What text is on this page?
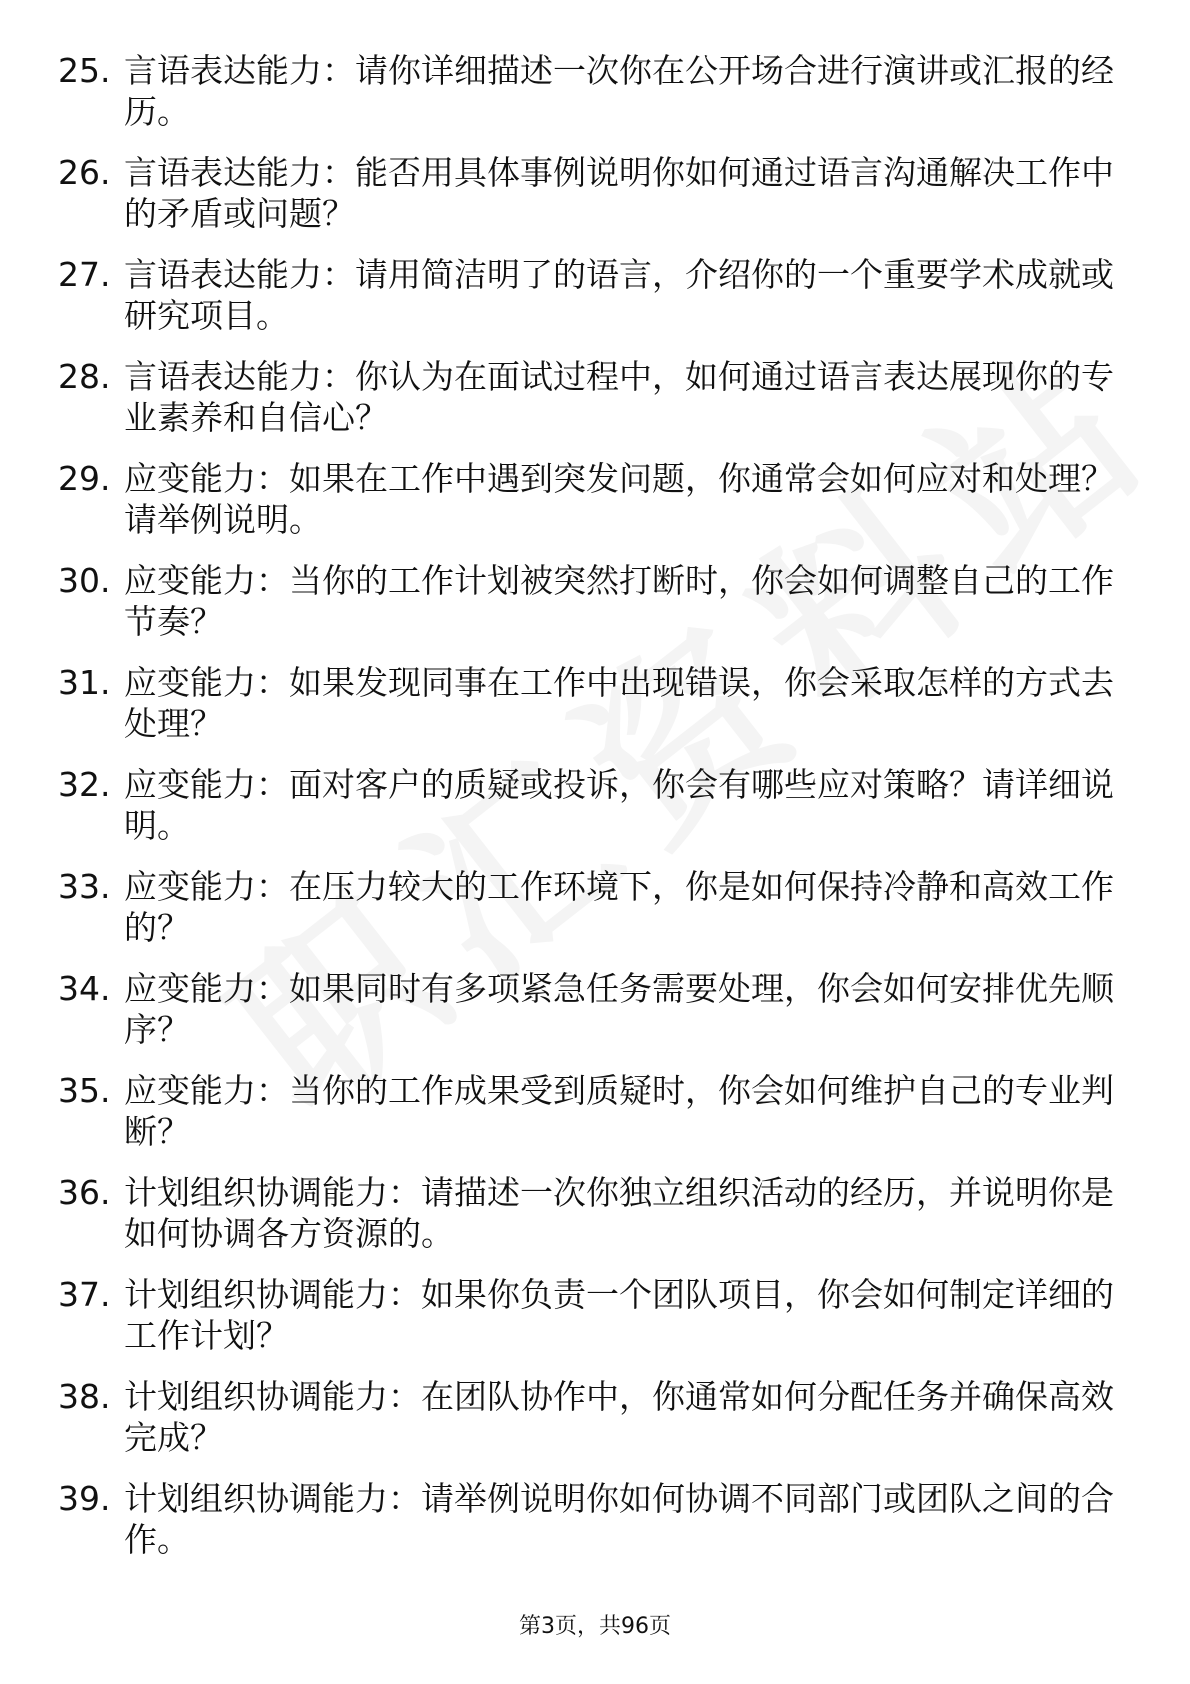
25. 言语表达能力：请你详细描述一次你在公开场合进行演讲或汇报的经历。
26. 言语表达能力：能否用具体事例说明你如何通过语言沟通解决工作中的矛盾或问题？
27. 言语表达能力：请用简洁明了的语言，介绍你的一个重要学术成就或研究项目。
28. 言语表达能力：你认为在面试过程中，如何通过语言表达展现你的专业素养和自信心？
29. 应变能力：如果在工作中遇到突发问题，你通常会如何应对和处理？请举例说明。
30. 应变能力：当你的工作计划被突然打断时，你会如何调整自己的工作节奏？
31. 应变能力：如果发现同事在工作中出现错误，你会采取怎样的方式去处理？
32. 应变能力：面对客户的质疑或投诉，你会有哪些应对策略？请详细说明。
33. 应变能力：在压力较大的工作环境下，你是如何保持冷静和高效工作的？
34. 应变能力：如果同时有多项紧急任务需要处理，你会如何安排优先顺序？
35. 应变能力：当你的工作成果受到质疑时，你会如何维护自己的专业判断？
36. 计划组织协调能力：请描述一次你独立组织活动的经历，并说明你是如何协调各方资源的。
37. 计划组织协调能力：如果你负责一个团队项目，你会如何制定详细的工作计划？
38. 计划组织协调能力：在团队协作中，你通常如何分配任务并确保高效完成？
39. 计划组织协调能力：请举例说明你如何协调不同部门或团队之间的合作。
第3页，共96页
